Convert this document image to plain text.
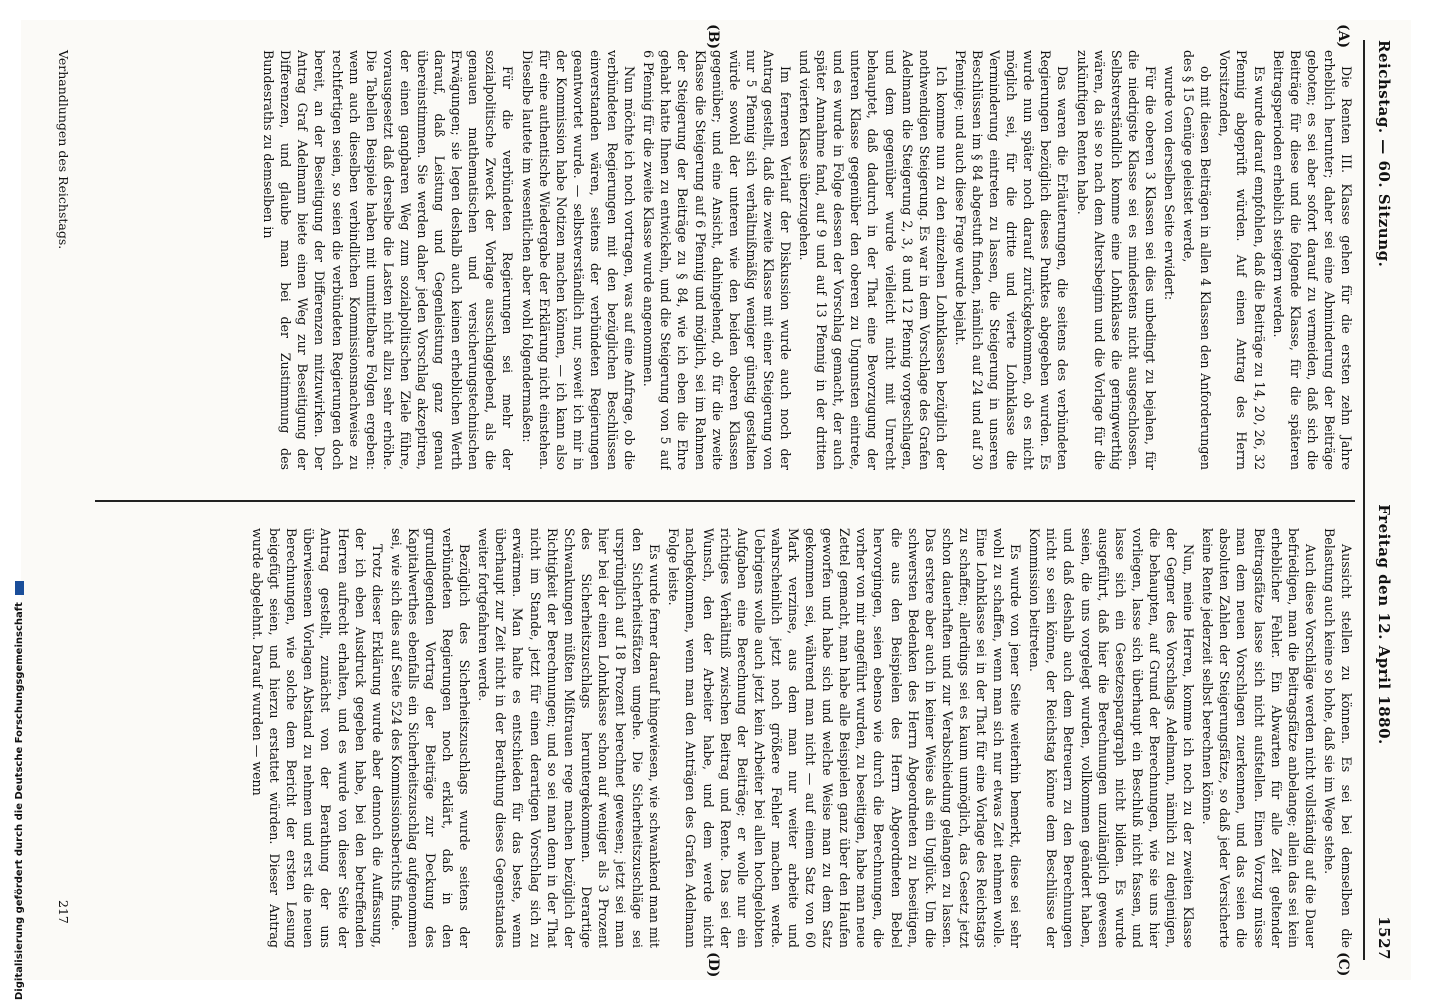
Reichstag. — 60. Sitzung.
Freitag den 12. April 1880.  1527
(A)
(B)
(C)
(D)

Die Renten III. Klasse gehen für die ersten zehn Jahre erheblich herunter; daher sei eine Abminderung der Beiträge geboten; es sei aber sofort darauf zu vermeiden, daß sich die Beiträge für diese und die folgende Klasse, für die späteren Beitragsperioden erheblich steigern werden.

Es wurde darauf empfohlen, daß die Beiträge zu 14, 20, 26, 32 Pfennig abgeprüft würden. Auf einen Antrag des Herrn Vorsitzenden,

ob mit diesen Beiträgen in allen 4 Klassen den Anforderungen des § 15 Genüge geleistet werde,

wurde von derselben Seite erwidert:

Für die oberen 3 Klassen sei dies unbedingt zu bejahen, für die niedrigste Klasse sei es mindestens nicht ausgeschlossen. Selbstverständlich komme eine Lohnklasse die geringwerthig wären, da sie so nach dem Altersbeginn und die Vorlage für die zukünftigen Renten habe.

Das waren die Erläuterungen, die seitens des verbündeten Regierungen bezüglich dieses Punktes abgegeben wurden. Es wurde nun später noch darauf zurückgekommen, ob es nicht möglich sei, für die dritte und vierte Lohnklasse die Verminderung eintreten zu lassen, die Steigerung in unseren Beschlüssen im § 84 abgestuft finden, nämlich auf 24 und auf 30 Pfennige; und auch diese Frage wurde bejaht.

Ich komme nun zu den einzelnen Lohnklassen bezüglich der nothwendigen Steigerung. Es war in dem Vorschlage des Grafen Adelmann die Steigerung 2, 3, 8 und 12 Pfennig vorgeschlagen, und dem gegenüber wurde vielleicht nicht mit Unrecht behauptet, daß dadurch in der That eine Bevorzugung der unteren Klasse gegenüber den oberen zu Ungunsten eintrete, und es wurde in Folge dessen der Vorschlag gemacht, der auch später Annahme fand, auf 9 und auf 13 Pfennig in der dritten und vierten Klasse überzugehen.

Im ferneren Verlauf der Diskussion wurde auch noch der Antrag gestellt, daß die zweite Klasse mit einer Steigerung von nur 5 Pfennig sich verhältnißmäßig weniger günstig gestalten würde sowohl der unteren wie den beiden oberen Klassen gegenüber; und eine Ansicht, dahingehend, ob für die zweite Klasse die Steigerung auf 6 Pfennig und möglich, sei im Rahmen der Steigerung der Beiträge zu § 84, wie ich eben die Ehre gehabt hatte Ihnen zu entwickeln, und die Steigerung von 5 auf 6 Pfennig für die zweite Klasse wurde angenommen.

Nun möchte ich noch vortragen, was auf eine Anfrage, ob die verbündeten Regierungen mit den bezüglichen Beschlüssen einverstanden wären, seitens der verbündeten Regierungen geantwortet wurde. — selbstverständlich nur, soweit ich mir in der Kommission habe Notizen machen können, — ich kann also für eine authentische Wiedergabe der Erklärung nicht einstehen. Dieselbe lautete im wesentlichen aber wohl folgendermaßen:

Für die verbündeten Regierungen sei mehr der sozialpolitische Zweck der Vorlage ausschlaggebend, als die genauen mathematischen und versicherungstechnischen Erwägungen; sie legen deshalb auch keinen erheblichen Werth darauf, daß Leistung und Gegenleistung ganz genau übereinstimmen. Sie werden daher jeden Vorschlag akzeptiren, der einen gangbaren Weg zum sozialpolitischen Ziele führe, vorausgesetzt daß derselbe die Lasten nicht allzu sehr erhöhe. Die Tabellen Beispiele haben mit unmittelbare Folgen ergeben: wenn auch dieselben verbindlichen Kommissionsnachweise zu rechtfertigen seien, so seien die verbündeten Regierungen doch bereit, an der Beseitigung der Differenzen mitzuwirken. Der Antrag Graf Adelmann biete einen Weg zur Beseitigung der Differenzen, und glaube man bei der Zustimmung des Bundesraths zu demselben in

Aussicht stellen zu können. Es sei bei demselben die Belastung auch keine so hohe, daß sie im Wege stehe.

Auch diese Vorschläge werden nicht vollständig auf die Dauer befriedigen, man die Beitragsfätze anbelange; allein das sei kein erheblicher Fehler. Ein Abwarten für alle Zeit geltender Beitragsfätze lasse sich nicht aufstellen. Einen Vorzug müsse man dem neuen Vorschlagen zuerkennen, und das seien die absoluten Zahlen der Steigerungsfätze, so daß jeder Versicherte keine Rente jederzeit selbst berechnen könne.

Nun, meine Herren, komme ich noch zu der zweiten Klasse der Gegner des Vorschlags Adelmann, nämlich zu denjenigen, die behaupten, auf Grund der Berechnungen, wie sie uns hier vorliegen, lasse sich überhaupt ein Beschluß nicht fassen, und lasse sich ein Gesetzesparagraph nicht bilden. Es wurde ausgeführt, daß hier die Berechnungen unzulänglich gewesen seien, die uns vorgelegt wurden, vollkommen geändert haben, und daß deshalb auch dem Betreuern zu den Berechnungen nicht so sein könne, der Reichstag könne dem Beschlüsse der Kommission beitreten.

Es wurde von jener Seite weiterhin bemerkt, diese sei sehr wohl zu schaffen, wenn man sich nur etwas Zeit nehmen wolle. Eine Lohnklasse sei in der That für eine Vorlage des Reichstags zu schaffen; allerdings sei es kaum unmöglich, das Gesetz jetzt schon dauerhaften und zur Verabschiedung gelangen zu lassen. Das erstere aber auch in keiner Weise als ein Unglück. Um die schwersten Bedenken des Herrn Abgeordneten zu beseitigen, die aus den Beispielen des Herrn Abgeordneten Bebel hervorgingen, seien ebenso wie durch die Berechnungen, die vorher von mir angeführt wurden, zu beseitigen, habe man neue Zettel gemacht, man habe alle Beispielen ganz über den Haufen geworfen und habe sich und welche Weise man zu dem Satz gekommen sei, während man nicht — auf einem Satz von 60 Mark verzinse, aus dem man nur weiter arbeite und wahrscheinlich jetzt noch größere Fehler machen werde. Uebrigens wolle auch jetzt kein Arbeiter bei allen hochgelobten Aufgaben eine Berechnung der Beiträge; er wolle nur ein richtiges Verhältniß zwischen Beitrag und Rente. Das sei der Wunsch, den der Arbeiter habe, und dem werde nicht nachgekommen, wenn man den Anträgen des Grafen Adelmann Folge leiste.

Es wurde ferner darauf hingewiesen, wie schwankend man mit den Sicherheitsfätzen umgehe. Die Sicherheitszuschläge sei ursprünglich auf 18 Prozent berechnet gewesen; jetzt sei man hier bei der einen Lohnklasse schon auf weniger als 3 Prozent des Sicherheitszuschlags heruntergekommen. Derartige Schwankungen müßten Mißtrauen rege machen bezüglich der Richtigkeit der Berechnungen; und so sei man denn in der That nicht im Stande, jetzt für einen derartigen Vorschlag sich zu erwärmen. Man halte es entschieden für das beste, wenn überhaupt zur Zeit nicht in der Berathung dieses Gegenstandes weiter fortgefahren werde.

Bezüglich des Sicherheitszuschlags wurde seitens der verbündeten Regierungen noch erklärt, daß in den grundlegenden Vortrag der Beiträge zur Deckung des Kapitalwerthes ebenfalls ein Sicherheitszuschlag aufgenommen sei, wie sich dies auf Seite 524 des Kommissionsberichts finde.

Trotz dieser Erklärung wurde aber dennoch die Auffassung, der ich eben Ausdruck gegeben habe, bei den betreffenden Herren aufrecht erhalten, und es wurde von dieser Seite der Antrag gestellt, zunächst von der Berathung der uns überwiesenen Vorlagen Abstand zu nehmen und erst die neuen Berechnungen, wie solche dem Bericht der ersten Lesung beigefügt seien, und hierzu erstattet würden. Dieser Antrag wurde abgelehnt. Darauf wurden — wenn

Verhandlungen des Reichstags.
217
Digitalisierung gefördert durch die Deutsche Forschungsgemeinschaft
